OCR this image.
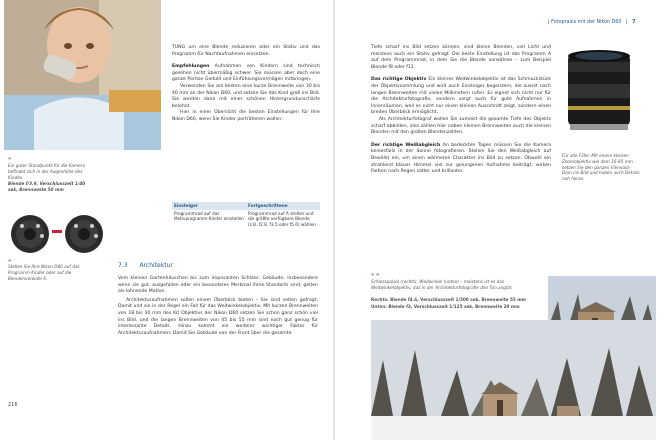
»
Ein guter Standpunkt für die Kamera befindet sich in der Augenhöhe des Kindes.
Blende f/3.9, Verschlusszeit 1/40 sek, Brennweite 50 mm
»
Stellen Sie Ihre Nikon D60 auf das Programm Kinder oder auf die Blendenvorwahl A.

TUNG um eine Blende reduzieren oder ein Stativ und das Programm für Nachtaufnahmen einsetzen.

Empfehlungen Aufnahmen von Kindern sind technisch gesehen nicht übermäßig schwer. Sie müssen aber doch eine ganze Portion Geduld und Einfühlungsvermögen mitbringen.

Verwenden Sie am besten eine kurze Brennweite von 30 bis 40 mm an der Nikon D60, und setzen Sie das Kind groß ins Bild. Sie werden dann mit einer schönen Hintergrundunschärfe belohnt.

Hier in einer Übersicht die besten Einstellungen für Ihre Nikon D60, wenn Sie Kinder porträtieren wollen:

Einsteiger	Fortgeschrittene
Programmrad auf das Motivprogramm Kinder einstellen	Programmrad auf A stellen und die größte verfügbare Blende (z.B. f2.8, f3.5 oder f5.6) wählen
7.3 Architektur

Vom kleinen Gartenhäuschen bis zum imposanten Schloss: Gebäude, insbesondere wenn sie gut, ausgefallen oder ein besonderes Merkmal ihres Standorts sind, gelten als lohnende Motive.

Architekturaufnahmen sollen einem Überblick bieten – Sie sind selten gefragt. Damit und sie in der Regel ein Fall für das Weitwinkelobjektiv. Mit kurzen Brennweiten von 18 bis 30 mm des Kit Objektivs der Nikon D60 setzen Sie schon ganz schön viel ins Bild, und die langen Brennweiten von 45 bis 55 mm sind noch gut genug für interessante Details. Hinzu kommt ein weiterer wichtiger Faktor für Architekturaufnahmen: Damit Sie Gebäude von der Front über die gesamte

216
| Fotopraxis mit der Nikon D60 | 7

Tiefe scharf ins Bild setzen können, sind kleine Blenden, viel Licht und meistens auch ein Stativ gefragt. Die beste Einstellung ist das Programm A auf dem Programmrad, in dem Sie die Blende vorwählen – zum Beispiel Blende f8 oder f11.

Das richtige Objektiv Ein kleines Weitwinkelobjektiv ist das Schmuckstück der Objektivsammlung und wird auch Einsteiger begeistern, die zuerst nach langen Brennweiten mit vielen Millimetern rufen. Es eignet sich nicht nur für die Architekturfotografie, sondern sorgt auch für gute Aufnahmen in Innenräumen, weil es nicht nur einen kleinen Ausschnitt zeigt, sondern einen breiten Überblick ermöglicht.

Als Architekturfotograf wollen Sie zumeist die gesamte Tiefe des Objekts scharf abbilden, also zählen hier neben kleinen Brennweiten auch die kleinen Blenden mit den großen Blendenzahlen.

Der richtige Weißabgleich An bedeckten Tagen müssen Sie die Kamera keinesfalls in der Sonne fotografieren. Stellen Sie den Weißabgleich auf Bewölkt ein, um einen wärmeren Charakter ins Bild zu setzen. Obwohl ein strahlend blauer Himmel viel zur gelungenen Aufnahme beiträgt, wirken Farben nach Regen satter und brillanter.

Für alle Fälle: Mit einem kleinen Zoomobjektiv wie dem 16-85 mm setzen Sie den ganzen Vierwald-Dom ins Bild und haben auch Details nah heran.
» »
Schlosspalais (rechts), Weitwinkel (unten) – meistens ist es das Weitwinkelobjektiv, das in der Architekturfotografie den Ton angibt.
Rechts: Blende f4.6, Verschlusszeit 1/500 sek, Brennweite 55 mm
Unten: Blende f3, Verschlusszeit 1/125 sek, Brennweite 20 mm
